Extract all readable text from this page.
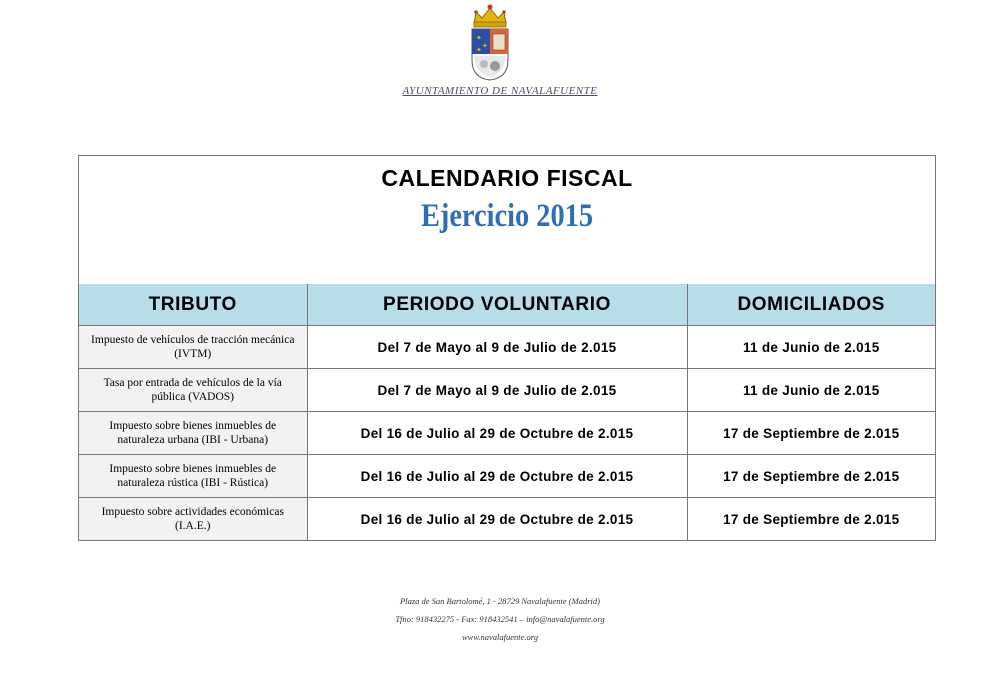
✦
✦
✦
AYUNTAMIENTO DE NAVALAFUENTE
CALENDARIO FISCAL
Ejercicio 2015
TRIBUTO	PERIODO VOLUNTARIO	DOMICILIADOS
Impuesto de vehículos de tracción mecánica (IVTM)	Del 7 de Mayo al 9 de Julio de 2.015	11 de Junio de 2.015
Tasa por entrada de vehículos de la vía pública (VADOS)	Del 7 de Mayo al 9 de Julio de 2.015	11 de Junio de 2.015
Impuesto sobre bienes inmuebles de naturaleza urbana (IBI - Urbana)	Del 16 de Julio al 29 de Octubre de 2.015	17 de Septiembre de 2.015
Impuesto sobre bienes inmuebles de naturaleza rústica (IBI - Rústica)	Del 16 de Julio al 29 de Octubre de 2.015	17 de Septiembre de 2.015
Impuesto sobre actividades económicas (I.A.E.)	Del 16 de Julio al 29 de Octubre de 2.015	17 de Septiembre de 2.015
Plaza de San Bartolomé, 1 - 28729 Navalafuente (Madrid)
Tfno: 918432275 - Fax: 918432541 – info@navalafuente.org
www.navalafuente.org
